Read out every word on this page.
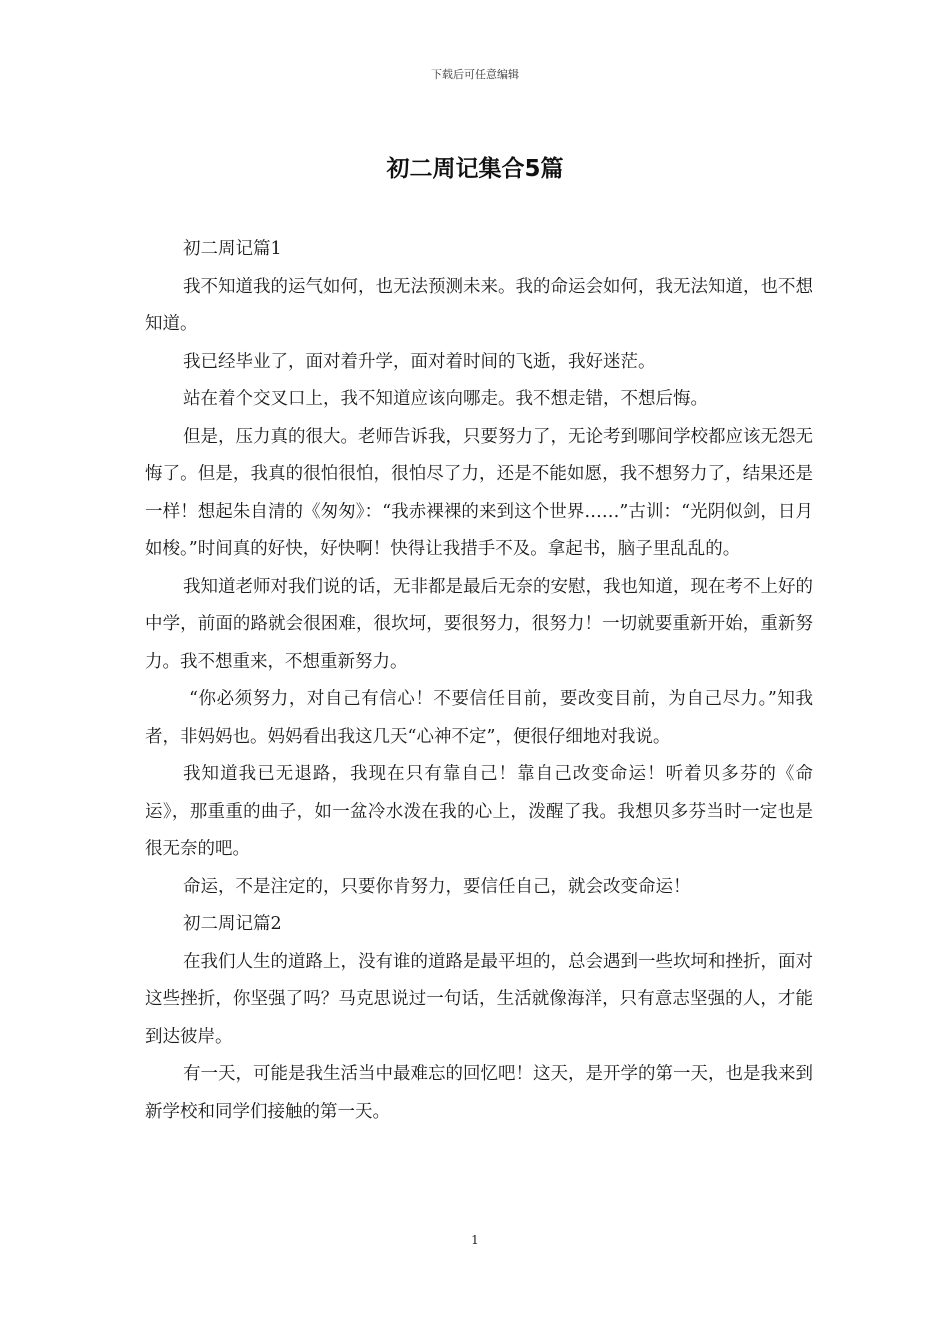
下载后可任意编辑
初二周记集合5篇

初二周记篇1

我不知道我的运气如何，也无法预测未来。我的命运会如何，我无法知道，也不想知道。

我已经毕业了，面对着升学，面对着时间的飞逝，我好迷茫。

站在着个交叉口上，我不知道应该向哪走。我不想走错，不想后悔。

但是，压力真的很大。老师告诉我，只要努力了，无论考到哪间学校都应该无怨无悔了。但是，我真的很怕很怕，很怕尽了力，还是不能如愿，我不想努力了，结果还是一样！想起朱自清的《匆匆》：“我赤裸裸的来到这个世界……”古训：“光阴似剑，日月如梭。”时间真的好快，好快啊！快得让我措手不及。拿起书，脑子里乱乱的。

我知道老师对我们说的话，无非都是最后无奈的安慰，我也知道，现在考不上好的中学，前面的路就会很困难，很坎坷，要很努力，很努力！一切就要重新开始，重新努力。我不想重来，不想重新努力。

“你必须努力，对自己有信心！不要信任目前，要改变目前，为自己尽力。”知我者，非妈妈也。妈妈看出我这几天“心神不定”，便很仔细地对我说。

我知道我已无退路，我现在只有靠自己！靠自己改变命运！听着贝多芬的《命运》，那重重的曲子，如一盆冷水泼在我的心上，泼醒了我。我想贝多芬当时一定也是很无奈的吧。

命运，不是注定的，只要你肯努力，要信任自己，就会改变命运！

初二周记篇2

在我们人生的道路上，没有谁的道路是最平坦的，总会遇到一些坎坷和挫折，面对这些挫折，你坚强了吗？马克思说过一句话，生活就像海洋，只有意志坚强的人，才能到达彼岸。

有一天，可能是我生活当中最难忘的回忆吧！这天，是开学的第一天，也是我来到新学校和同学们接触的第一天。

1
